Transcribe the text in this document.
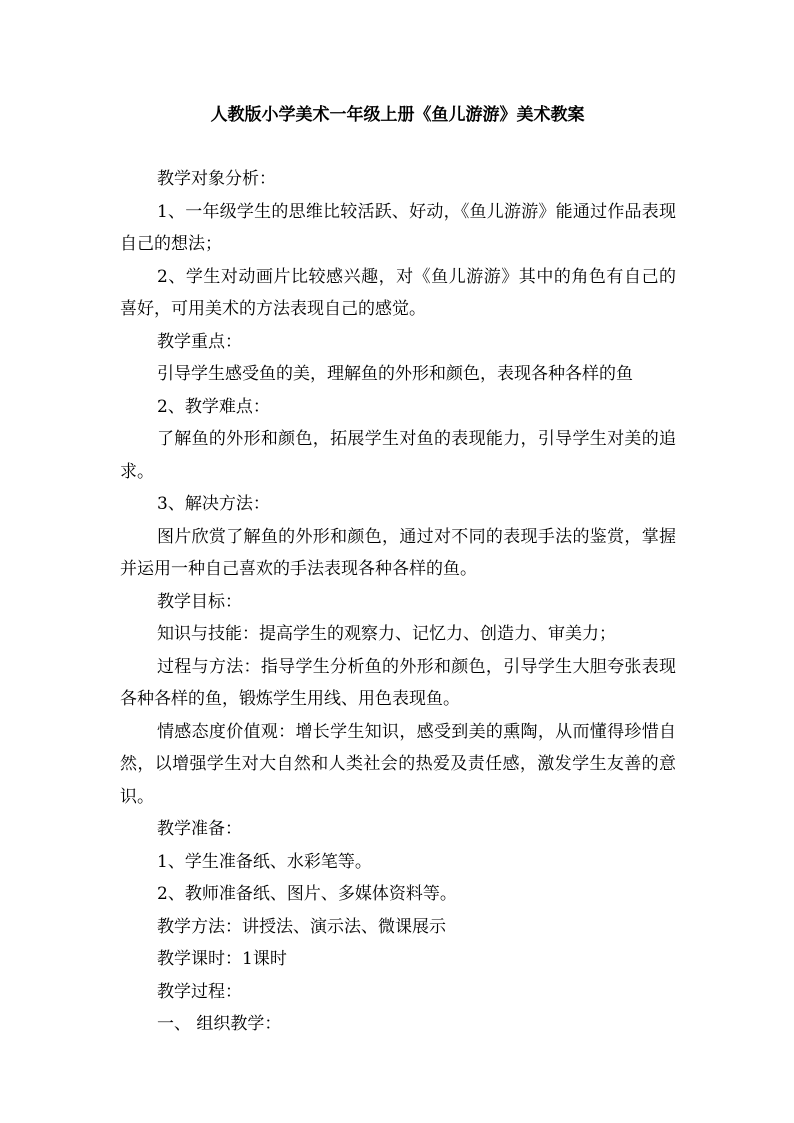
人教版小学美术一年级上册《鱼儿游游》美术教案

教学对象分析：

1、一年级学生的思维比较活跃、好动，《鱼儿游游》能通过作品表现自己的想法；

2、学生对动画片比较感兴趣，对《鱼儿游游》其中的角色有自己的喜好，可用美术的方法表现自己的感觉。

教学重点：

引导学生感受鱼的美，理解鱼的外形和颜色，表现各种各样的鱼

2、教学难点：

了解鱼的外形和颜色，拓展学生对鱼的表现能力，引导学生对美的追求。

3、解决方法：

图片欣赏了解鱼的外形和颜色，通过对不同的表现手法的鉴赏，掌握并运用一种自己喜欢的手法表现各种各样的鱼。

教学目标：

知识与技能：提高学生的观察力、记忆力、创造力、审美力；

过程与方法：指导学生分析鱼的外形和颜色，引导学生大胆夸张表现各种各样的鱼，锻炼学生用线、用色表现鱼。

情感态度价值观：增长学生知识，感受到美的熏陶，从而懂得珍惜自然，以增强学生对大自然和人类社会的热爱及责任感，激发学生友善的意识。

教学准备：

1、学生准备纸、水彩笔等。

2、教师准备纸、图片、多媒体资料等。

教学方法：讲授法、演示法、微课展示

教学课时：1课时

教学过程：

一、 组织教学：
